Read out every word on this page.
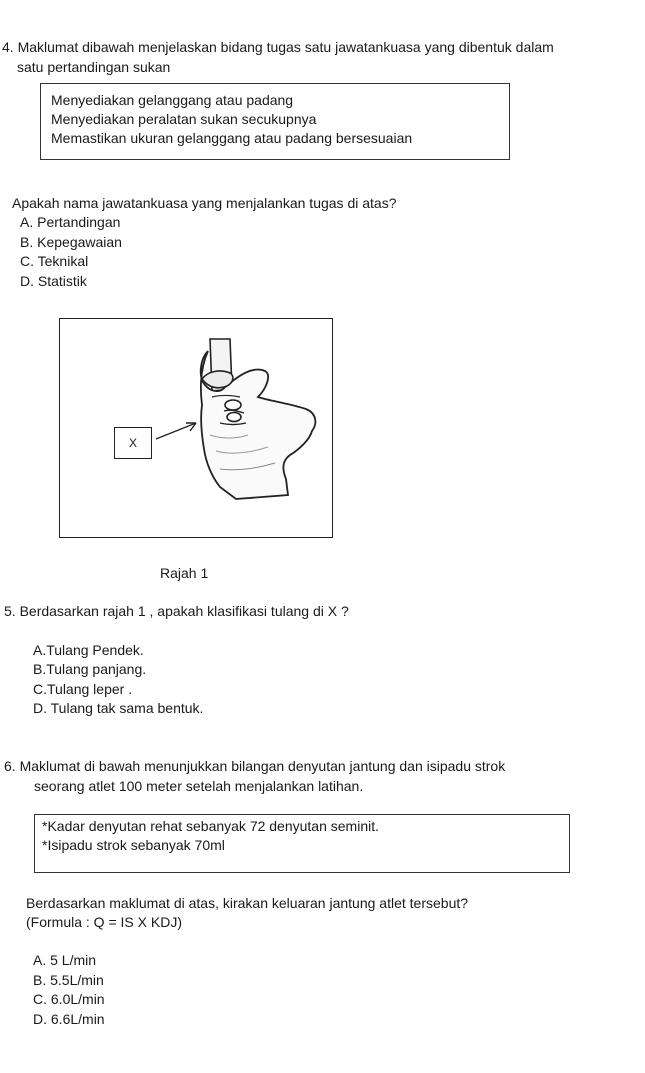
4. Maklumat dibawah menjelaskan bidang tugas satu jawatankuasa yang dibentuk dalam
satu pertandingan sukan
Menyediakan gelanggang atau padang
Menyediakan peralatan sukan secukupnya
Memastikan ukuran gelanggang atau padang bersesuaian
Apakah nama jawatankuasa yang menjalankan tugas di atas?
A. Pertandingan
B. Kepegawaian
C. Teknikal
D. Statistik
X
Rajah 1
5. Berdasarkan rajah 1 , apakah klasifikasi tulang di X ?
A.Tulang Pendek.
B.Tulang panjang.
C.Tulang leper .
D. Tulang tak sama bentuk.
6. Maklumat di bawah menunjukkan bilangan denyutan jantung dan isipadu strok
seorang atlet 100 meter setelah menjalankan latihan.
*Kadar denyutan rehat sebanyak 72 denyutan seminit.
*Isipadu strok sebanyak 70ml
Berdasarkan maklumat di atas, kirakan keluaran jantung atlet tersebut?
(Formula : Q = IS X KDJ)
A. 5 L/min
B. 5.5L/min
C. 6.0L/min
D. 6.6L/min
